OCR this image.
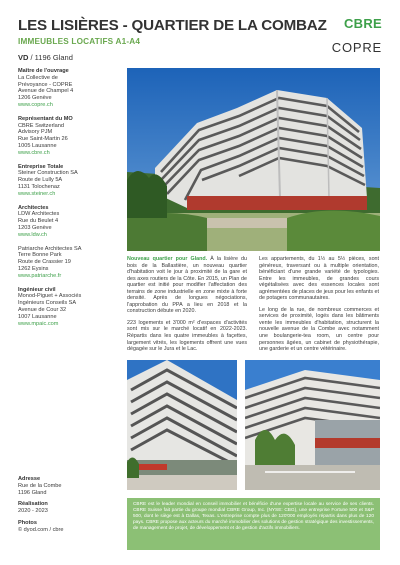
LES LISIÈRES - QUARTIER DE LA COMBAZ
IMMEUBLES LOCATIFS A1-A4
VD / 1196 Gland
CBRE
COPRE
Maître de l'ouvrage
La Collective de
Prévoyance - COPRE
Avenue de Champel 4
1206 Genève
www.copre.ch
Représentant du MO
CBRE Switzerland
Advisory PJM
Rue Saint-Martin 26
1005 Lausanne
www.cbre.ch
Entreprise Totale
Steiner Construction SA
Route de Lully 5A
1131 Tolochenaz
www.steiner.ch
Architectes
LDW Architectes
Rue du Beulet 4
1203 Genève
www.ldw.ch
Patriarche Architectes SA
Terre Bonne Park
Route de Crassier 19
1262 Eysins
www.patriarche.fr
Ingénieur civil
Monod-Piguet + Associés
Ingénieurs Conseils SA
Avenue de Cour 32
1007 Lausanne
www.mpaic.com
Adresse
Rue de la Combe
1196 Gland
Réalisation
2020 - 2023
Photos
© dyod.com / cbre

Nouveau quartier pour Gland. À la lisière du bois de la Ballastière, un nouveau quartier d'habitation voit le jour à proximité de la gare et des axes routiers de la Côte. En 2015, un Plan de quartier est initié pour modifier l'affectation des terrains de zone industrielle en zone mixte à forte densité. Après de longues négociations, l'approbation du PPA a lieu en 2018 et la construction débute en 2020.

223 logements et 3'000 m² d'espaces d'activités sont mis sur le marché locatif en 2022-2023. Répartis dans les quatre immeubles à façettes, largement vitrés, les logements offrent une vues dégagée sur le Jura et le Lac.

Les appartements, du 1½ au 5½ pièces, sont généreux, traversant ou à multiple orientation, bénéficiant d'une grande variété de typologies. Entre les immeubles, de grandes cours végétalisées avec des essences locales sont agrémentées de places de jeux pour les enfants et de potagers communautaires.

Le long de la rue, de nombreux commerces et services de proximité, logés dans les bâtiments vente les immeubles d'habitation, structurent la nouvelle avenue de la Combe avec notamment une boulangerie-tea room, un centre pour personnes âgées, un cabinet de physiothérapie, une garderie et un centre vétérinaire.

CBRE est le leader mondial en conseil immobilier et bénéficie d'une expertise locale au service de ses clients. CBRE Suisse fait partie du groupe mondial CBRE Group, Inc. (NYSE: CBG), une entreprise Fortune 500 et S&P 500, dont le siège est à Dallas, Texas. L'entreprise compte plus de 120'000 employés répartis dans plus de 120 pays. CBRE propose aux acteurs du marché immobilier des solutions de gestion stratégique des investissements, de management de projet, de développement et de gestion d'actifs immobiliers.
